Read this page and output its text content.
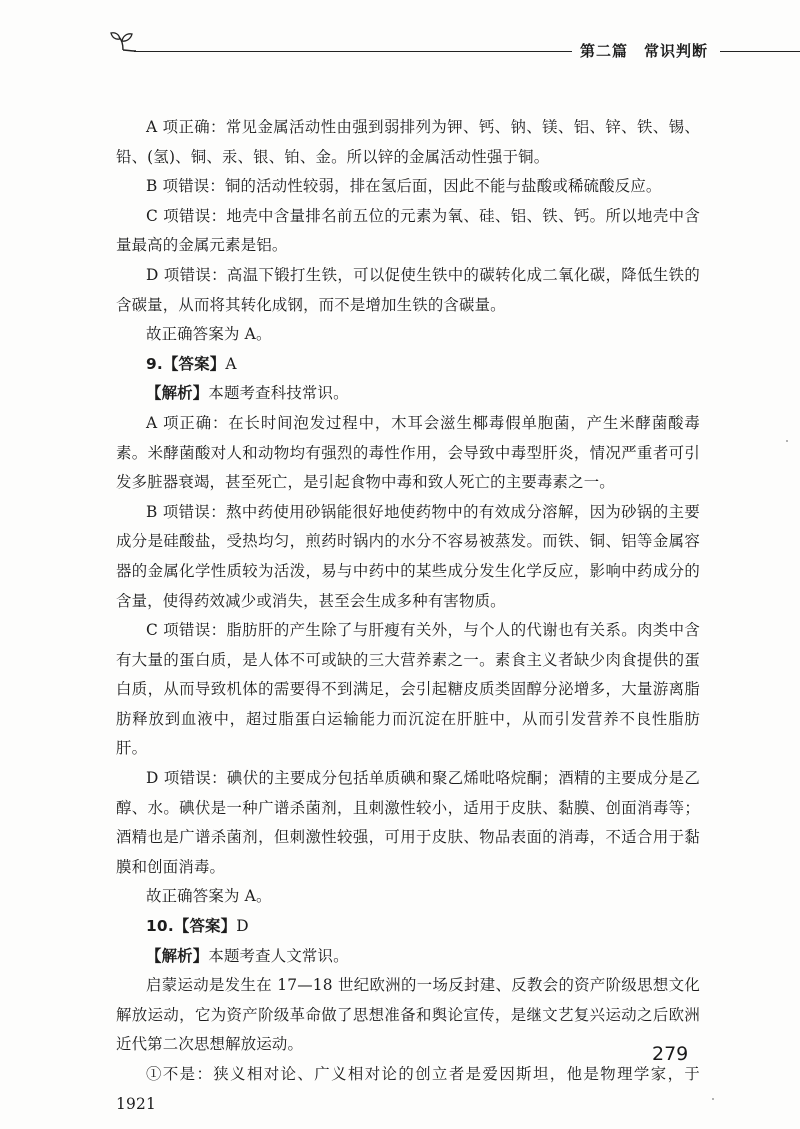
第二篇　常识判断

A 项正确：常见金属活动性由强到弱排列为钾、钙、钠、镁、铝、锌、铁、锡、铅、(氢)、铜、汞、银、铂、金。所以锌的金属活动性强于铜。

B 项错误：铜的活动性较弱，排在氢后面，因此不能与盐酸或稀硫酸反应。

C 项错误：地壳中含量排名前五位的元素为氧、硅、铝、铁、钙。所以地壳中含量最高的金属元素是铝。

D 项错误：高温下锻打生铁，可以促使生铁中的碳转化成二氧化碳，降低生铁的含碳量，从而将其转化成钢，而不是增加生铁的含碳量。

故正确答案为 A。

9.【答案】A

【解析】本题考查科技常识。

A 项正确：在长时间泡发过程中，木耳会滋生椰毒假单胞菌，产生米酵菌酸毒素。米酵菌酸对人和动物均有强烈的毒性作用，会导致中毒型肝炎，情况严重者可引发多脏器衰竭，甚至死亡，是引起食物中毒和致人死亡的主要毒素之一。

B 项错误：熬中药使用砂锅能很好地使药物中的有效成分溶解，因为砂锅的主要成分是硅酸盐，受热均匀，煎药时锅内的水分不容易被蒸发。而铁、铜、铝等金属容器的金属化学性质较为活泼，易与中药中的某些成分发生化学反应，影响中药成分的含量，使得药效减少或消失，甚至会生成多种有害物质。

C 项错误：脂肪肝的产生除了与肝瘦有关外，与个人的代谢也有关系。肉类中含有大量的蛋白质，是人体不可或缺的三大营养素之一。素食主义者缺少肉食提供的蛋白质，从而导致机体的需要得不到满足，会引起糖皮质类固醇分泌增多，大量游离脂肪释放到血液中，超过脂蛋白运输能力而沉淀在肝脏中，从而引发营养不良性脂肪肝。

D 项错误：碘伏的主要成分包括单质碘和聚乙烯吡咯烷酮；酒精的主要成分是乙醇、水。碘伏是一种广谱杀菌剂，且刺激性较小，适用于皮肤、黏膜、创面消毒等；酒精也是广谱杀菌剂，但刺激性较强，可用于皮肤、物品表面的消毒，不适合用于黏膜和创面消毒。

故正确答案为 A。

10.【答案】D

【解析】本题考查人文常识。

启蒙运动是发生在 17—18 世纪欧洲的一场反封建、反教会的资产阶级思想文化解放运动，它为资产阶级革命做了思想准备和舆论宣传，是继文艺复兴运动之后欧洲近代第二次思想解放运动。

①不是：狭义相对论、广义相对论的创立者是爱因斯坦，他是物理学家，于 1921

279
